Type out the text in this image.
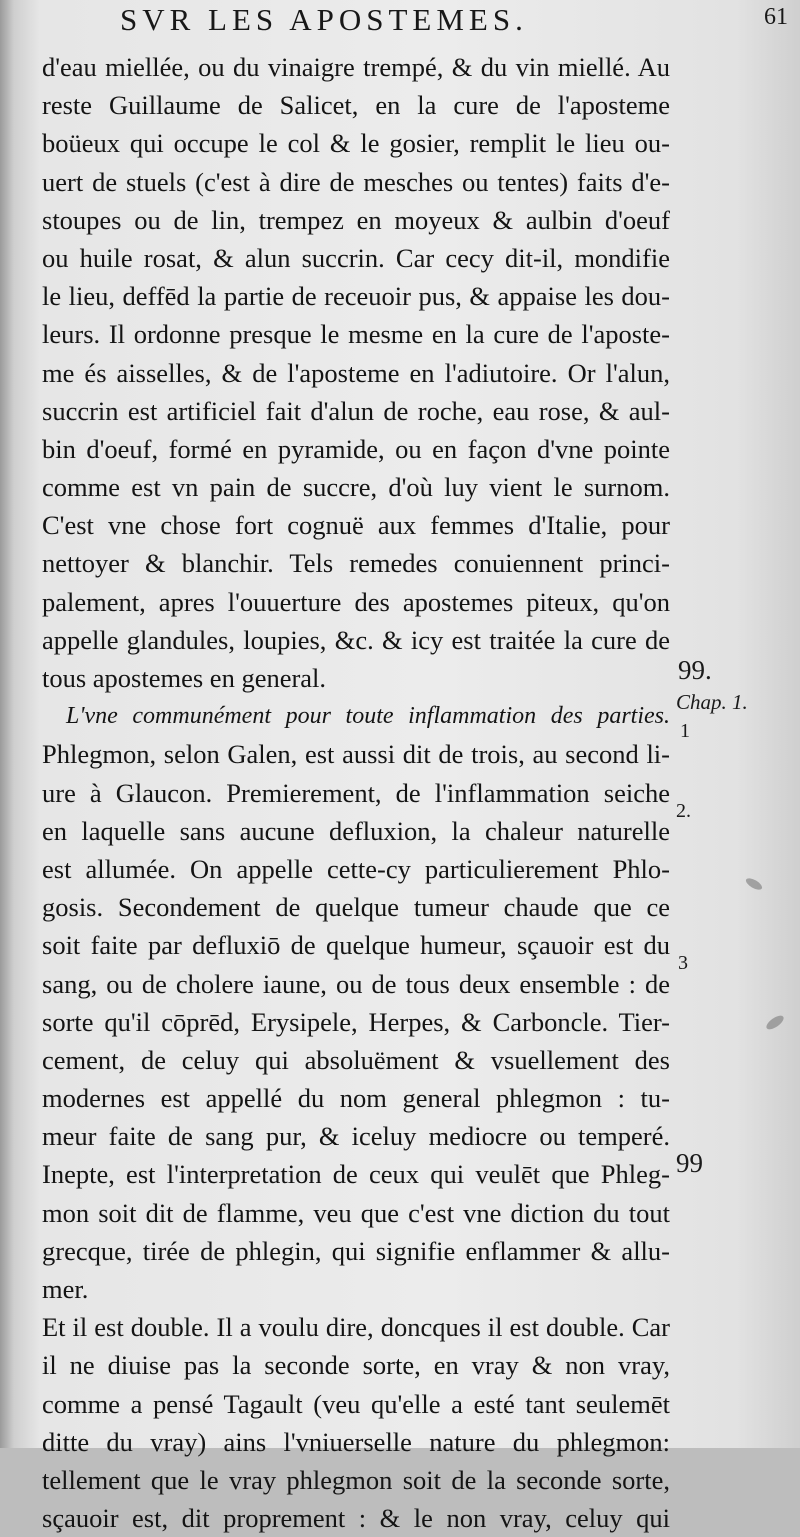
SVR LES APOSTEMES.	61
d'eau miellée, ou du vinaigre trempé, & du vin miellé. Au
reste Guillaume de Salicet, en la cure de l'aposteme
boüeux qui occupe le col & le gosier, remplit le lieu ou-
uert de stuels (c'est à dire de mesches ou tentes) faits d'e-
stoupes ou de lin, trempez en moyeux & aulbin d'oeuf
ou huile rosat, & alun succrin. Car cecy dit-il, mondifie
le lieu, deffēd la partie de receuoir pus, & appaise les dou-
leurs. Il ordonne presque le mesme en la cure de l'aposte-
me és aisselles, & de l'aposteme en l'adiutoire. Or l'alun,
succrin est artificiel fait d'alun de roche, eau rose, & aul-
bin d'oeuf, formé en pyramide, ou en façon d'vne pointe
comme est vn pain de succre, d'où luy vient le surnom.
C'est vne chose fort cognuë aux femmes d'Italie, pour
nettoyer & blanchir. Tels remedes conuiennent princi-
palement, apres l'ouuerture des apostemes piteux, qu'on
appelle glandules, loupies, &c. & icy est traitée la cure de
tous apostemes en general.
L'vne communément pour toute inflammation des parties.
Phlegmon, selon Galen, est aussi dit de trois, au second li-
ure à Glaucon. Premierement, de l'inflammation seiche
en laquelle sans aucune defluxion, la chaleur naturelle
est allumée. On appelle cette-cy particulierement Phlo-
gosis. Secondement de quelque tumeur chaude que ce
soit faite par defluxiō de quelque humeur, sçauoir est du
sang, ou de cholere iaune, ou de tous deux ensemble : de
sorte qu'il cōprēd, Erysipele, Herpes, & Carboncle. Tier-
cement, de celuy qui absoluëment & vsuellement des
modernes est appellé du nom general phlegmon : tu-
meur faite de sang pur, & iceluy mediocre ou temperé.
Inepte, est l'interpretation de ceux qui veulēt que Phleg-
mon soit dit de flamme, veu que c'est vne diction du tout
grecque, tirée de phlegin, qui signifie enflammer & allu-
mer.
Et il est double. Il a voulu dire, doncques il est double. Car
il ne diuise pas la seconde sorte, en vray & non vray,
comme a pensé Tagault (veu qu'elle a esté tant seulemēt
ditte du vray) ains l'vniuerselle nature du phlegmon:
tellement que le vray phlegmon soit de la seconde sorte,
sçauoir est, dit proprement : & le non vray, celuy qui
99.
Chap. 1.
1
2.
3
99
